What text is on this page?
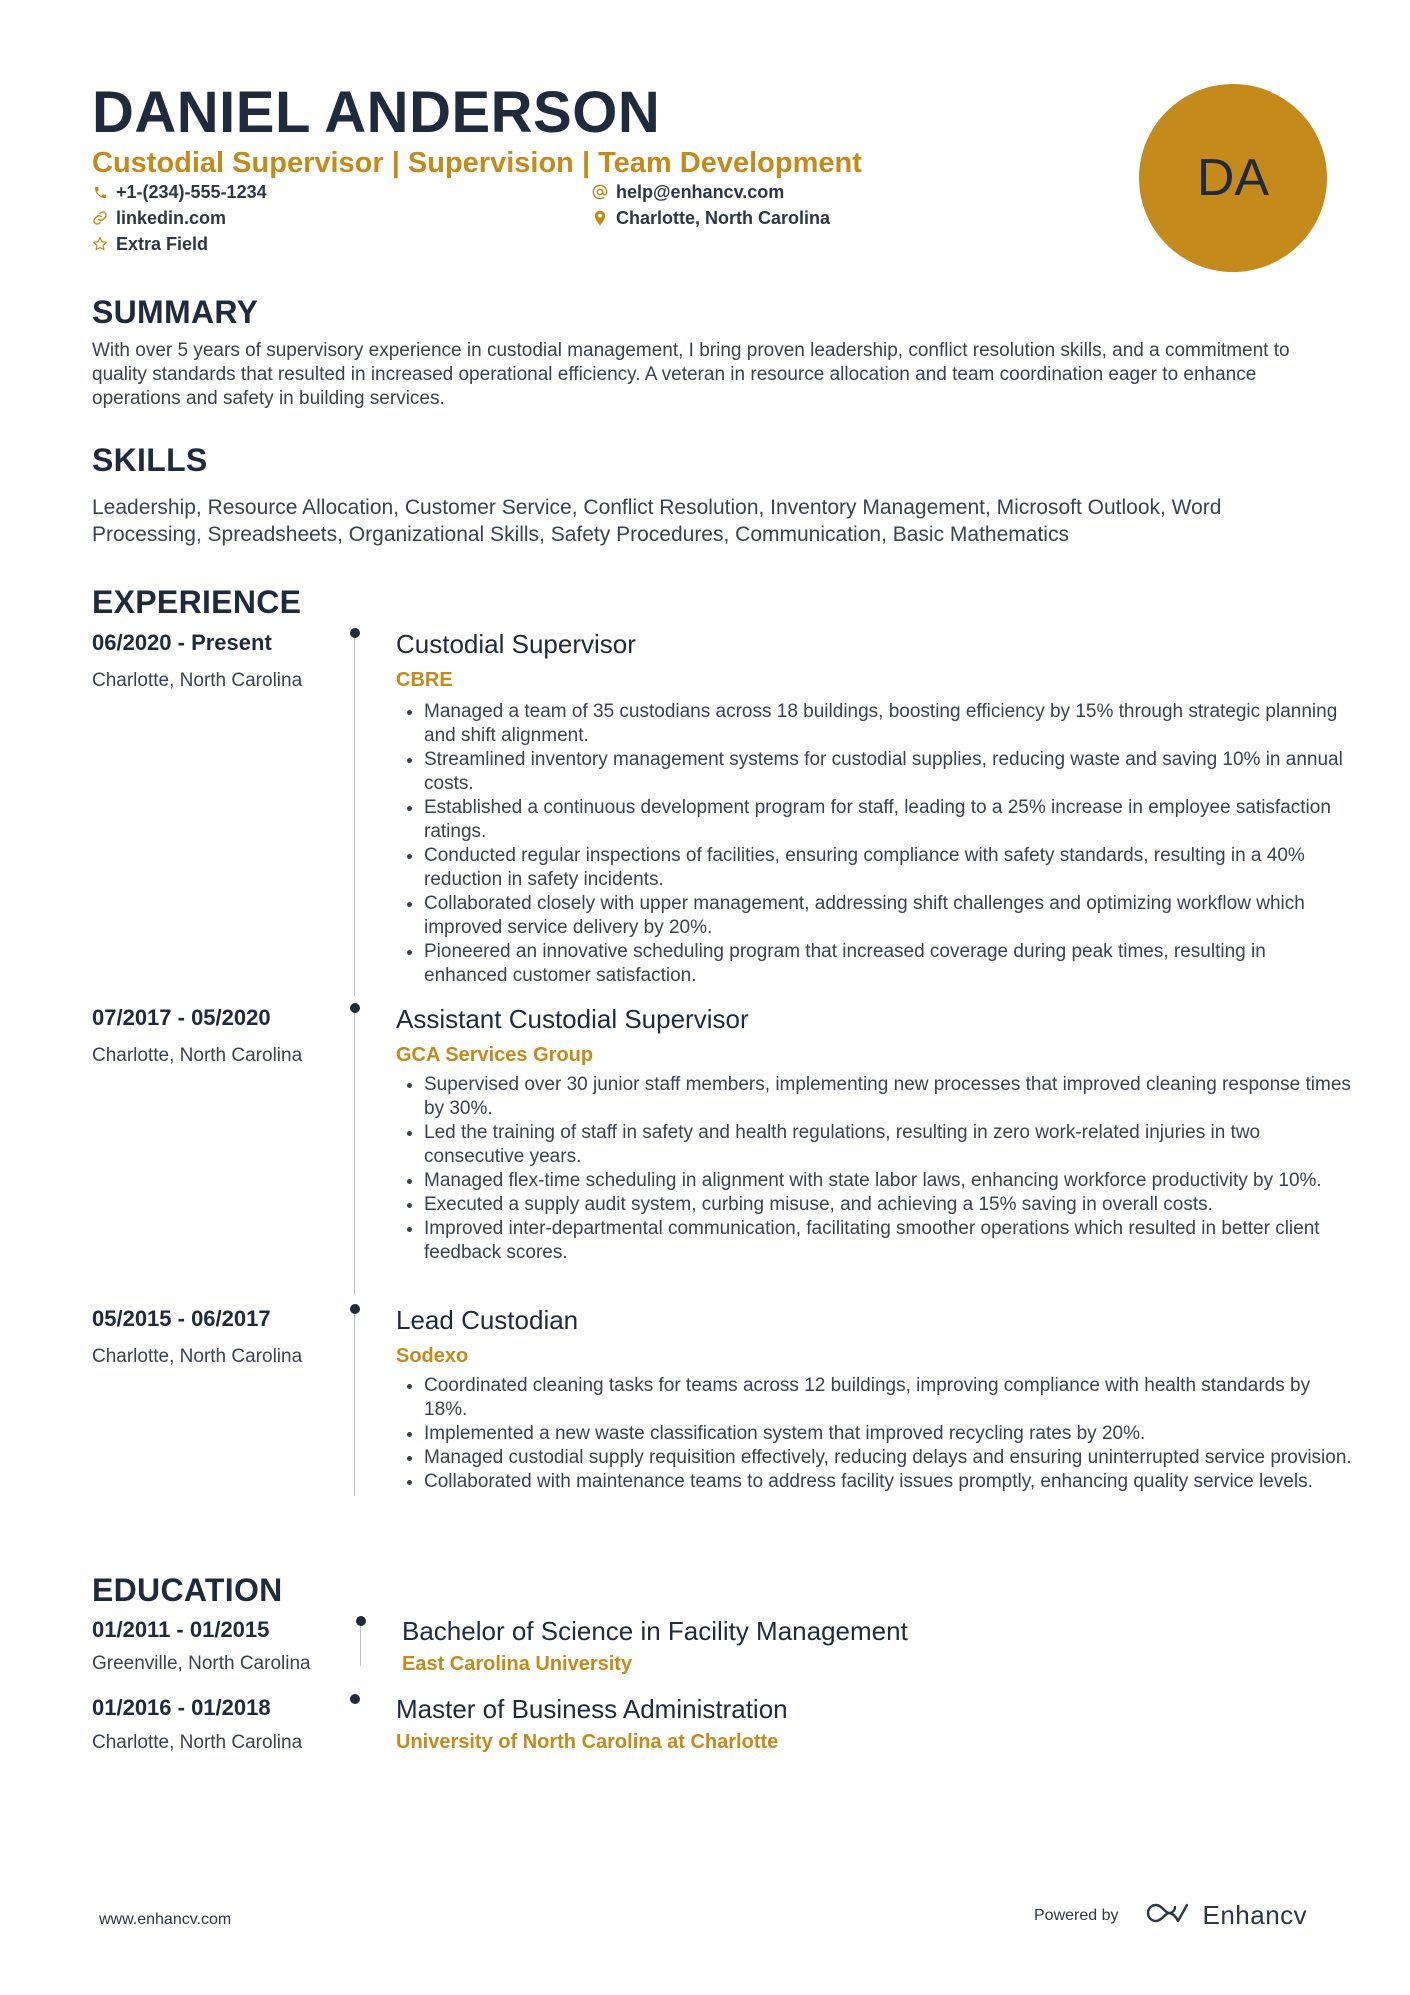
DANIEL ANDERSON
Custodial Supervisor | Supervision | Team Development
+1-(234)-555-1234	help@enhancv.com
linkedin.com	Charlotte, North Carolina
Extra Field
DA
SUMMARY
With over 5 years of supervisory experience in custodial management, I bring proven leadership, conflict resolution skills, and a commitment to quality standards that resulted in increased operational efficiency. A veteran in resource allocation and team coordination eager to enhance operations and safety in building services.
SKILLS
Leadership, Resource Allocation, Customer Service, Conflict Resolution, Inventory Management, Microsoft Outlook, Word Processing, Spreadsheets, Organizational Skills, Safety Procedures, Communication, Basic Mathematics
EXPERIENCE
06/2020 - Present
Charlotte, North Carolina
Custodial Supervisor
CBRE
• Managed a team of 35 custodians across 18 buildings, boosting efficiency by 15% through strategic planning and shift alignment.
• Streamlined inventory management systems for custodial supplies, reducing waste and saving 10% in annual costs.
• Established a continuous development program for staff, leading to a 25% increase in employee satisfaction ratings.
• Conducted regular inspections of facilities, ensuring compliance with safety standards, resulting in a 40% reduction in safety incidents.
• Collaborated closely with upper management, addressing shift challenges and optimizing workflow which improved service delivery by 20%.
• Pioneered an innovative scheduling program that increased coverage during peak times, resulting in enhanced customer satisfaction.
07/2017 - 05/2020
Charlotte, North Carolina
Assistant Custodial Supervisor
GCA Services Group
• Supervised over 30 junior staff members, implementing new processes that improved cleaning response times by 30%.
• Led the training of staff in safety and health regulations, resulting in zero work-related injuries in two consecutive years.
• Managed flex-time scheduling in alignment with state labor laws, enhancing workforce productivity by 10%.
• Executed a supply audit system, curbing misuse, and achieving a 15% saving in overall costs.
• Improved inter-departmental communication, facilitating smoother operations which resulted in better client feedback scores.
05/2015 - 06/2017
Charlotte, North Carolina
Lead Custodian
Sodexo
• Coordinated cleaning tasks for teams across 12 buildings, improving compliance with health standards by 18%.
• Implemented a new waste classification system that improved recycling rates by 20%.
• Managed custodial supply requisition effectively, reducing delays and ensuring uninterrupted service provision.
• Collaborated with maintenance teams to address facility issues promptly, enhancing quality service levels.
EDUCATION
01/2011 - 01/2015
Greenville, North Carolina
Bachelor of Science in Facility Management
East Carolina University
01/2016 - 01/2018
Charlotte, North Carolina
Master of Business Administration
University of North Carolina at Charlotte
www.enhancv.com	Powered by	Enhancv
